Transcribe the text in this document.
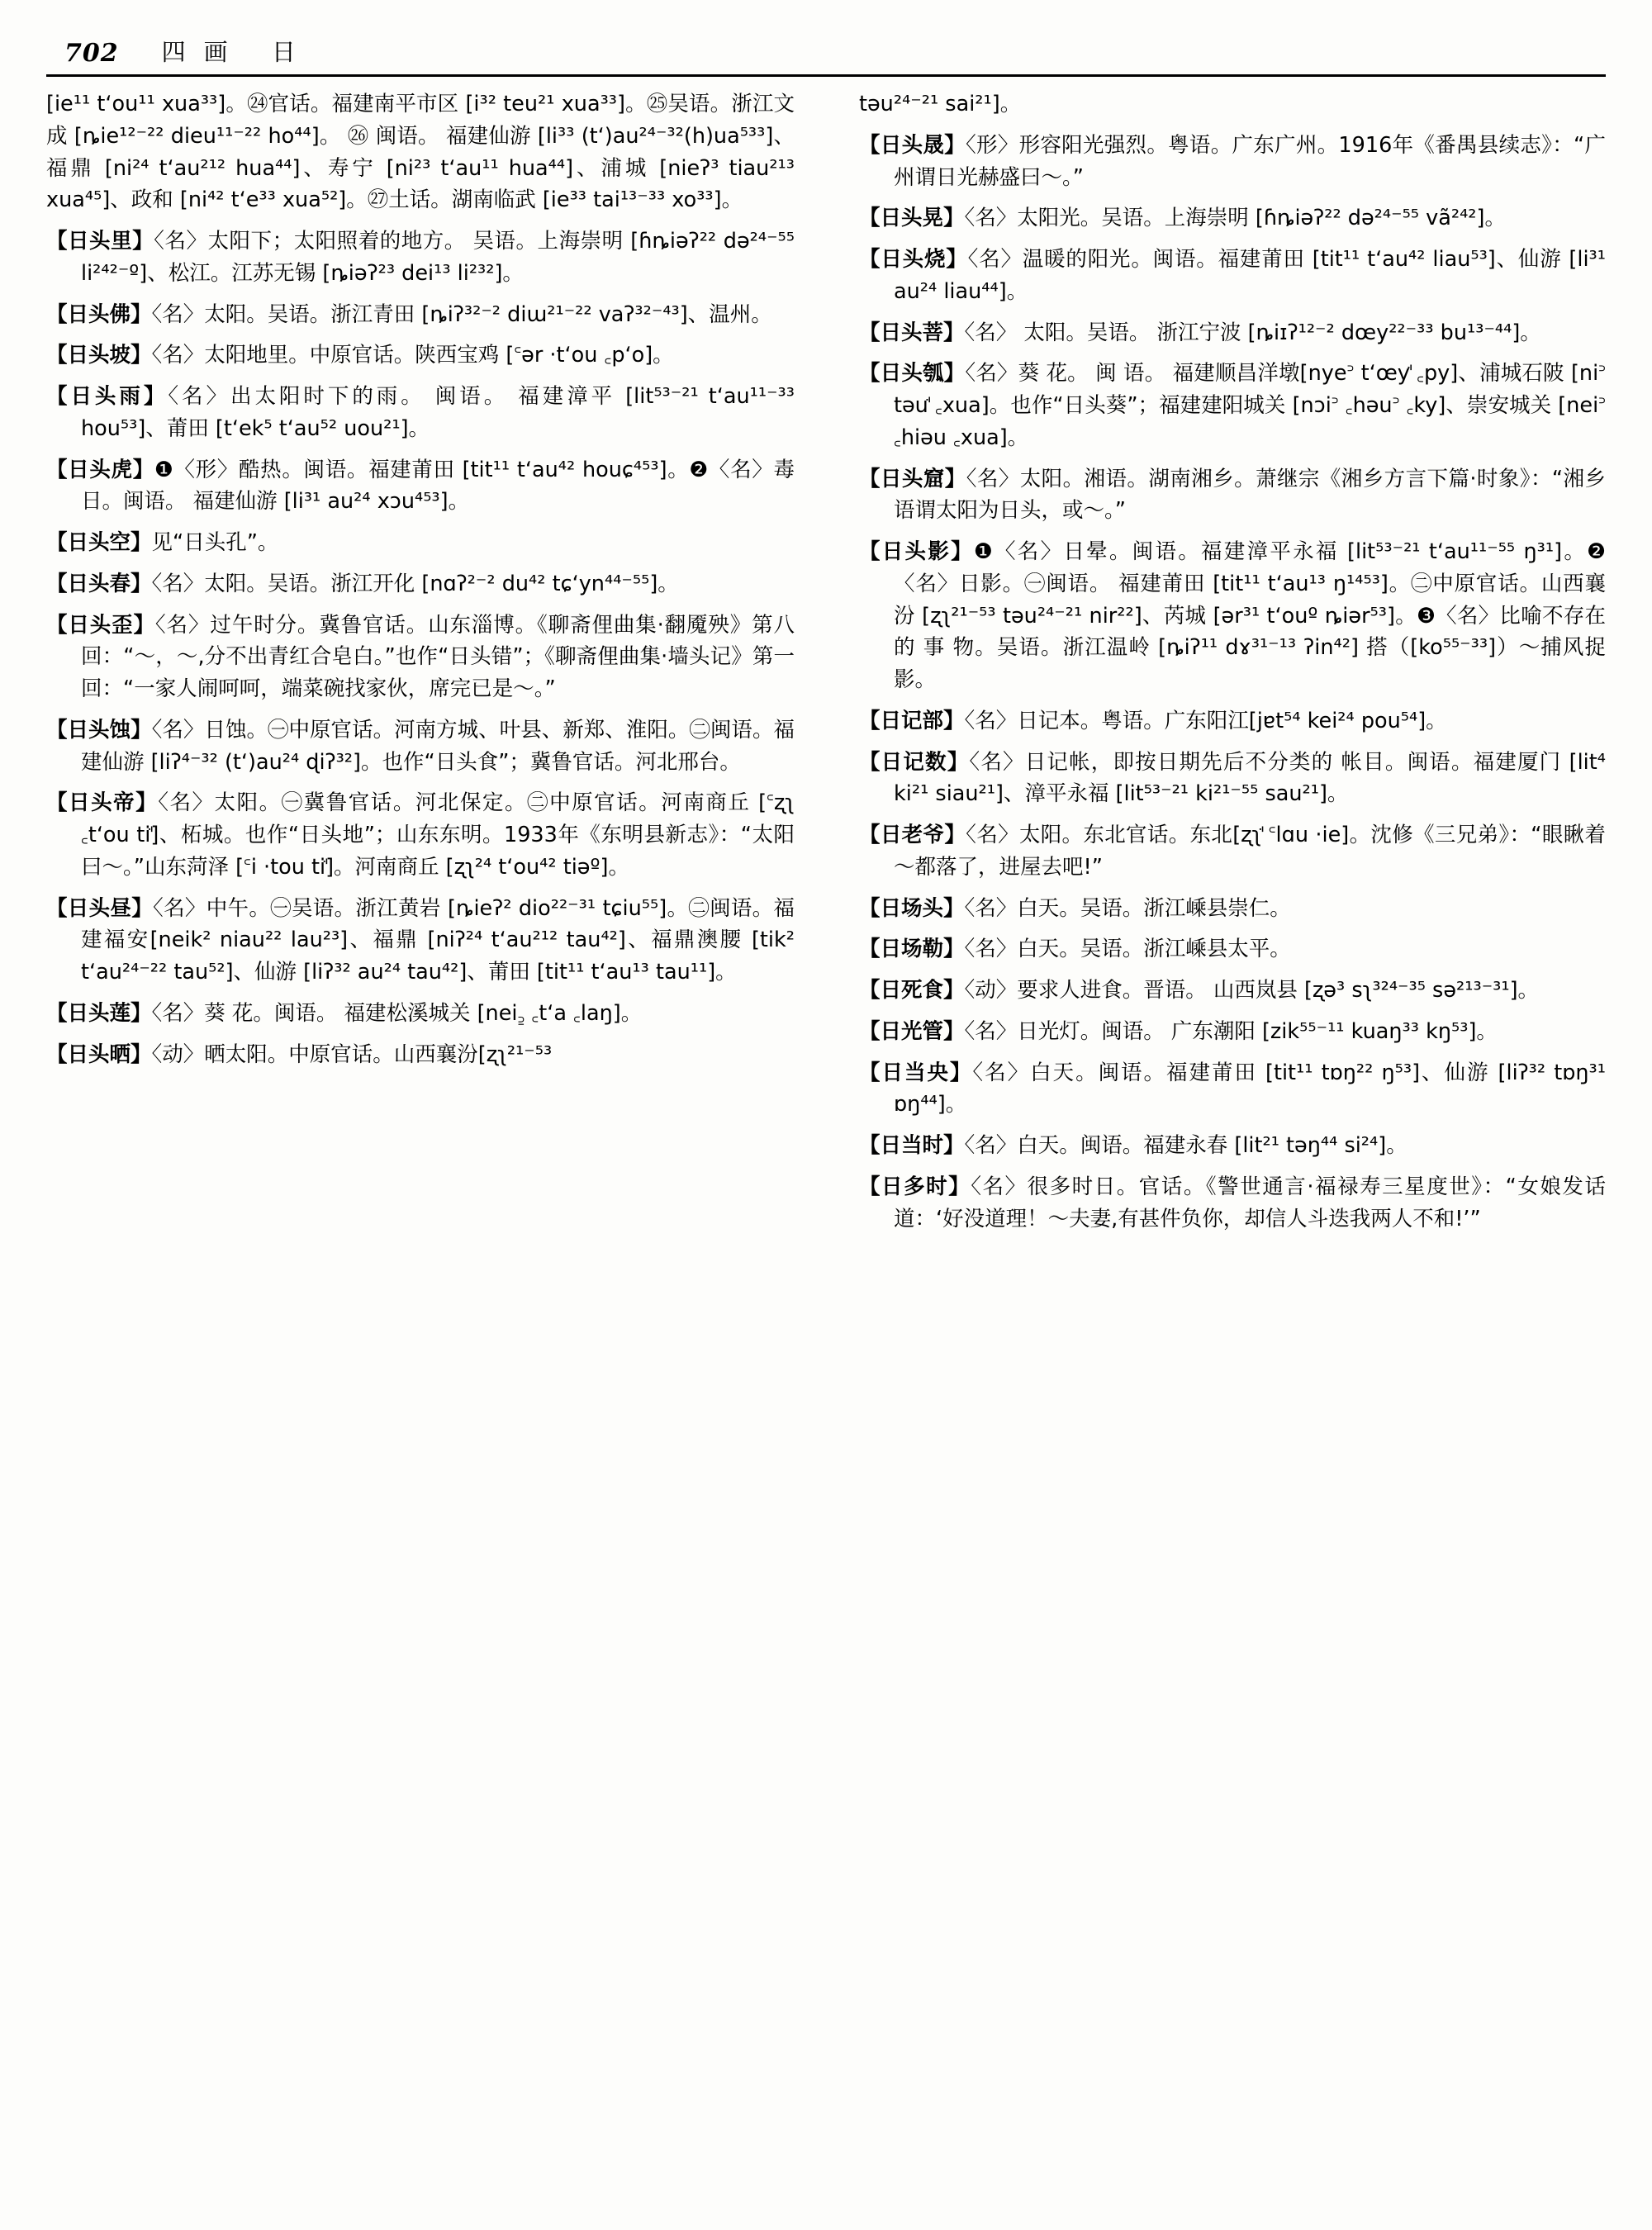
702 四画 日
[ie¹¹ tʻou¹¹ xua³³]。㉔官话。福建南平市区 [i³² teu²¹ xua³³]。㉕吴语。浙江文成 [ȵie¹²⁻²² dieu¹¹⁻²² ho⁴⁴]。 ㉖ 闽语。 福建仙游 [li³³ (tʻ)au²⁴⁻³²(h)ua⁵³³]、福鼎 [ni²⁴ tʻau²¹² hua⁴⁴]、寿宁 [ni²³ tʻau¹¹ hua⁴⁴]、浦城 [nieʔ³ tiau²¹³ xua⁴⁵]、政和 [ni⁴² tʻe³³ xua⁵²]。㉗土话。湖南临武 [ie³³ tai¹³⁻³³ xo³³]。
【日头里】〈名〉太阳下；太阳照着的地方。 吴语。上海崇明 [ɦȵiəʔ²² dә²⁴⁻⁵⁵ li²⁴²⁻º]、松江。江苏无锡 [ȵiəʔ²³ dei¹³ li²³²]。
【日头佛】〈名〉太阳。吴语。浙江青田 [ȵiʔ³²⁻² diɯ²¹⁻²² vaʔ³²⁻⁴³]、温州。
【日头坡】〈名〉太阳地里。中原官话。陕西宝鸡 [꜂ər ·tʻou ꜀pʻo]。
【日头雨】〈名〉出太阳时下的雨。 闽语。 福建漳平 [lit⁵³⁻²¹ tʻau¹¹⁻³³ hou⁵³]、莆田 [tʻek⁵ tʻau⁵² uou²¹]。
【日头虎】❶〈形〉酷热。闽语。福建莆田 [tit¹¹ tʻau⁴² houɕ⁴⁵³]。❷〈名〉毒日。闽语。 福建仙游 [li³¹ au²⁴ xɔu⁴⁵³]。
【日头空】见“日头孔”。
【日头春】〈名〉太阳。吴语。浙江开化 [nɑʔ²⁻² du⁴² tɕʻyn⁴⁴⁻⁵⁵]。
【日头歪】〈名〉过午时分。冀鲁官话。山东淄博。《聊斋俚曲集·翻魇殃》第八回：“～，～,分不出青红合皂白。”也作“日头错”；《聊斋俚曲集·墙头记》第一回：“一家人闹呵呵，端菜碗找家伙，席完已是～。”
【日头蚀】〈名〉日蚀。㊀中原官话。河南方城、叶县、新郑、淮阳。㊁闽语。福建仙游 [liʔ⁴⁻³² (tʻ)au²⁴ ɖiʔ³²]。也作“日头食”；冀鲁官话。河北邢台。
【日头帝】〈名〉太阳。㊀冀鲁官话。河北保定。㊁中原官话。河南商丘 [꜂ʐʅ ꜀tʻou tiꜗ]、柘城。也作“日头地”；山东东明。1933年《东明县新志》：“太阳曰～。”山东菏泽 [꜂i ·tou tiꜗ]。河南商丘 [ʐʅ²⁴ tʻou⁴² tiəº]。
【日头昼】〈名〉中午。㊀吴语。浙江黄岩 [ȵieʔ² dio²²⁻³¹ tɕiu⁵⁵]。㊁闽语。福建福安[neik² niau²² lau²³]、福鼎 [niʔ²⁴ tʻau²¹² tau⁴²]、福鼎澳腰 [tik² tʻau²⁴⁻²² tau⁵²]、仙游 [liʔ³² au²⁴ tau⁴²]、莆田 [tit¹¹ tʻau¹³ tau¹¹]。
【日头莲】〈名〉葵 花。闽语。 福建松溪城关 [nei꜇ ꜀tʻa ꜀laŋ]。
【日头晒】〈动〉晒太阳。中原官话。山西襄汾[ʐʅ²¹⁻⁵³
təu²⁴⁻²¹ sai²¹]。
【日头晟】〈形〉形容阳光强烈。粤语。广东广州。1916年《番禺县续志》：“广州谓日光赫盛曰～。”
【日头晃】〈名〉太阳光。吴语。上海崇明 [ɦȵiəʔ²² dә²⁴⁻⁵⁵ vã²⁴²]。
【日头烧】〈名〉温暖的阳光。闽语。福建莆田 [tit¹¹ tʻau⁴² liau⁵³]、仙游 [li³¹ au²⁴ liau⁴⁴]。
【日头菩】〈名〉 太阳。吴语。 浙江宁波 [ȵiɪʔ¹²⁻² dœy²²⁻³³ bu¹³⁻⁴⁴]。
【日头瓠】〈名〉葵 花。 闽 语。 福建顺昌洋墩[nye꜄ tʻœyꜗ ꜀py]、浦城石陂 [ni꜄ təuꜗ ꜀xua]。也作“日头葵”；福建建阳城关 [nɔi꜄ ꜀həu꜄ ꜀ky]、崇安城关 [nei꜄ ꜀hiəu ꜀xua]。
【日头窟】〈名〉太阳。湘语。湖南湘乡。萧继宗《湘乡方言下篇·时象》：“湘乡语谓太阳为日头，或～。”
【日头影】❶〈名〉日晕。闽语。福建漳平永福 [lit⁵³⁻²¹ tʻau¹¹⁻⁵⁵ ŋ³¹]。❷〈名〉日影。㊀闽语。 福建莆田 [tit¹¹ tʻau¹³ ŋ¹⁴⁵³]。㊁中原官话。山西襄汾 [ʐʅ²¹⁻⁵³ təu²⁴⁻²¹ nir²²]、芮城 [ər³¹ tʻouº ȵiər⁵³]。❸〈名〉比喻不存在 的 事 物。吴语。浙江温岭 [ȵiʔ¹¹ dɤ³¹⁻¹³ ʔin⁴²] 搭（[ko⁵⁵⁻³³]）～捕风捉影。
【日记部】〈名〉日记本。粤语。广东阳江[jɐt⁵⁴ kei²⁴ pou⁵⁴]。
【日记数】〈名〉日记帐，即按日期先后不分类的 帐目。闽语。福建厦门 [lit⁴ ki²¹ siau²¹]、漳平永福 [lit⁵³⁻²¹ ki²¹⁻⁵⁵ sau²¹]。
【日老爷】〈名〉太阳。东北官话。东北[ʐʅꜗ ꜂lɑu ·ie]。沈修《三兄弟》：“眼瞅着～都落了，进屋去吧!”
【日场头】〈名〉白天。吴语。浙江嵊县崇仁。
【日场勒】〈名〉白天。吴语。浙江嵊县太平。
【日死食】〈动〉要求人进食。晋语。 山西岚县 [ʐə³ sʅ³²⁴⁻³⁵ sə²¹³⁻³¹]。
【日光管】〈名〉日光灯。闽语。 广东潮阳 [zik⁵⁵⁻¹¹ kuaŋ³³ kŋ⁵³]。
【日当央】〈名〉白天。闽语。福建莆田 [tit¹¹ tɒŋ²² ŋ⁵³]、仙游 [liʔ³² tɒŋ³¹ ɒŋ⁴⁴]。
【日当时】〈名〉白天。闽语。福建永春 [lit²¹ təŋ⁴⁴ si²⁴]。
【日多时】〈名〉很多时日。官话。《警世通言·福禄寿三星度世》：“女娘发话道：‘好没道理！～夫妻,有甚件负你，却信人斗迭我两人不和!’”
